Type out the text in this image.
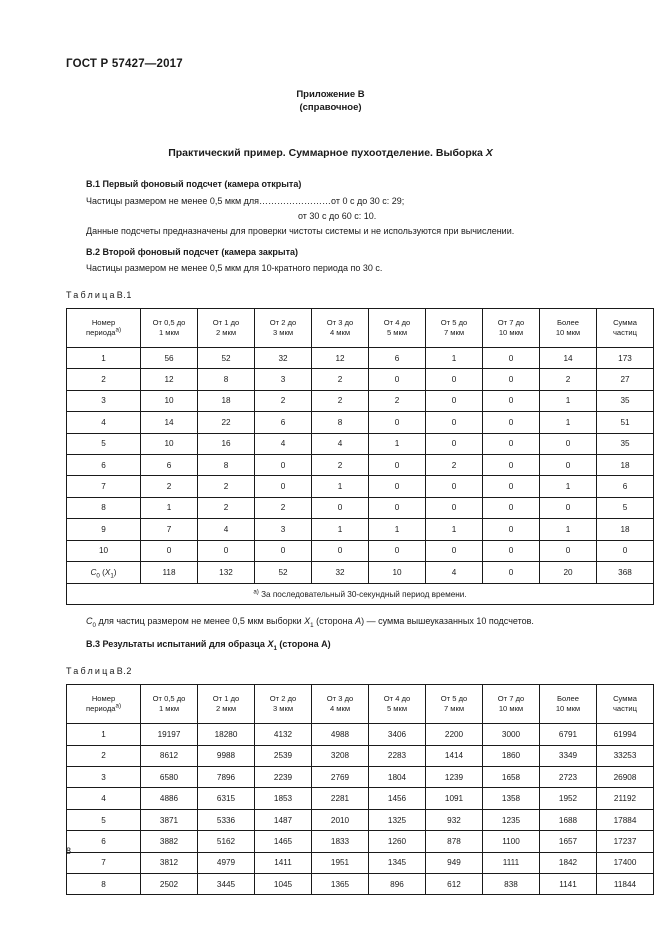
ГОСТ Р 57427—2017
Приложение В
(справочное)
Практический пример. Суммарное пухоотделение. Выборка X
В.1 Первый фоновый подсчет (камера открыта)
Частицы размером не менее 0,5 мкм для……………………от 0 с до 30 с: 29;
от 30 с до 60 с: 10.
Данные подсчеты предназначены для проверки чистоты системы и не используются при вычислении.
В.2 Второй фоновый подсчет (камера закрыта)
Частицы размером не менее 0,5 мкм для 10-кратного периода по 30 с.
ТаблицаВ.1
Номер
периода$^{а)}$

От 0,5 до
1 мкм

От 1 до
2 мкм

От 2 до
3 мкм

От 3 до
4 мкм

От 4 до
5 мкм

От 5 до
7 мкм

От 7 до
10 мкм

Более
10 мкм

Сумма
частиц

1	56	52	32	12	6	1	0	14	173
2	12	8	3	2	0	0	0	2	27
3	10	18	2	2	2	0	0	1	35
4	14	22	6	8	0	0	0	1	51
5	10	16	4	4	1	0	0	0	35
6	6	8	0	2	0	2	0	0	18
7	2	2	0	1	0	0	0	1	6
8	1	2	2	0	0	0	0	0	5
9	7	4	3	1	1	1	0	1	18
10	0	0	0	0	0	0	0	0	0
$C_0$ $(X_1)$	118	132	52	32	10	4	0	20	368
$^{а)}$ За последовательный 30-секундный период времени.									
$C_0$ для частиц размером не менее 0,5 мкм выборки $X_1$ (сторона A) — сумма вышеуказанных 10 подсчетов.
В.3 Результаты испытаний для образца $X_1$ (сторона А)
ТаблицаВ.2
Номер
периода$^{а)}$

От 0,5 до
1 мкм

От 1 до
2 мкм

От 2 до
3 мкм

От 3 до
4 мкм

От 4 до
5 мкм

От 5 до
7 мкм

От 7 до
10 мкм

Более
10 мкм

Сумма
частиц

1	19197	18280	4132	4988	3406	2200	3000	6791	61994
2	8612	9988	2539	3208	2283	1414	1860	3349	33253
3	6580	7896	2239	2769	1804	1239	1658	2723	26908
4	4886	6315	1853	2281	1456	1091	1358	1952	21192
5	3871	5336	1487	2010	1325	932	1235	1688	17884
6	3882	5162	1465	1833	1260	878	1100	1657	17237
7	3812	4979	1411	1951	1345	949	1111	1842	17400
8	2502	3445	1045	1365	896	612	838	1141	11844
8
